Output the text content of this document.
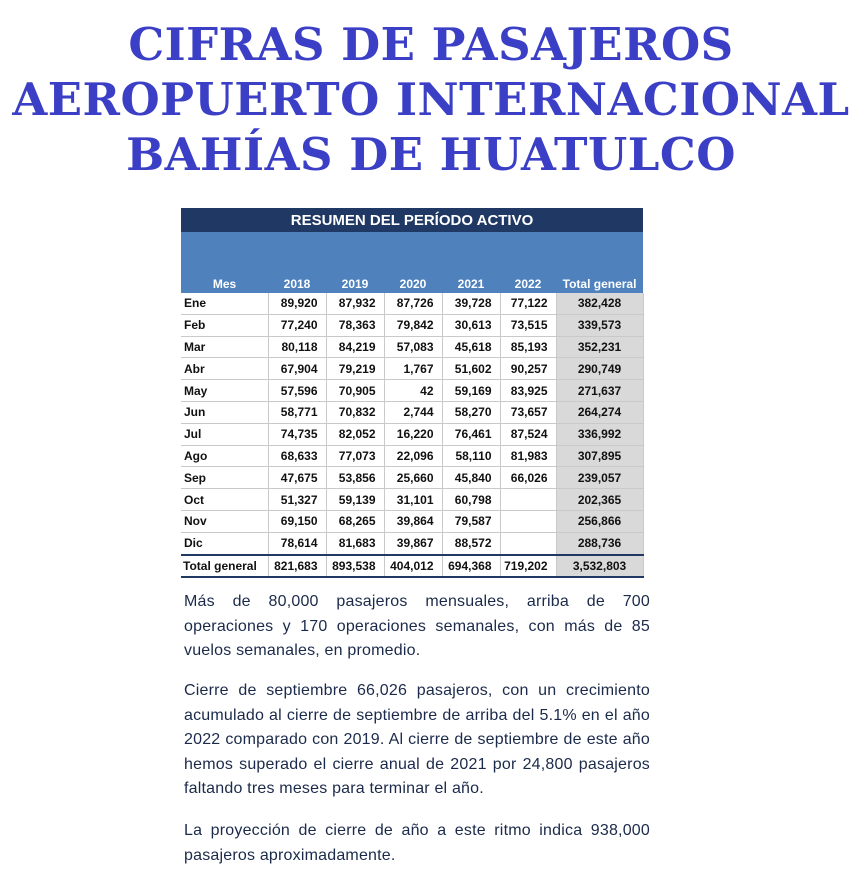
CIFRAS DE PASAJEROS
AEROPUERTO INTERNACIONAL
BAHÍAS DE HUATULCO
RESUMEN DEL PERÍODO ACTIVO						
Mes	2018	2019	2020	2021	2022	Total general
Ene	89,920	87,932	87,726	39,728	77,122	382,428
Feb	77,240	78,363	79,842	30,613	73,515	339,573
Mar	80,118	84,219	57,083	45,618	85,193	352,231
Abr	67,904	79,219	1,767	51,602	90,257	290,749
May	57,596	70,905	42	59,169	83,925	271,637
Jun	58,771	70,832	2,744	58,270	73,657	264,274
Jul	74,735	82,052	16,220	76,461	87,524	336,992
Ago	68,633	77,073	22,096	58,110	81,983	307,895
Sep	47,675	53,856	25,660	45,840	66,026	239,057
Oct	51,327	59,139	31,101	60,798		202,365
Nov	69,150	68,265	39,864	79,587		256,866
Dic	78,614	81,683	39,867	88,572		288,736
Total general	821,683	893,538	404,012	694,368	719,202	3,532,803
Más de 80,000 pasajeros mensuales, arriba de 700 operaciones y 170 operaciones semanales, con más de 85 vuelos semanales, en promedio.
Cierre de septiembre 66,026 pasajeros, con un crecimiento acumulado al cierre de septiembre de arriba del 5.1% en el año 2022 comparado con 2019. Al cierre de septiembre de este año hemos superado el cierre anual de 2021 por 24,800 pasajeros faltando tres meses para terminar el año.
La proyección de cierre de año a este ritmo indica 938,000 pasajeros aproximadamente.
